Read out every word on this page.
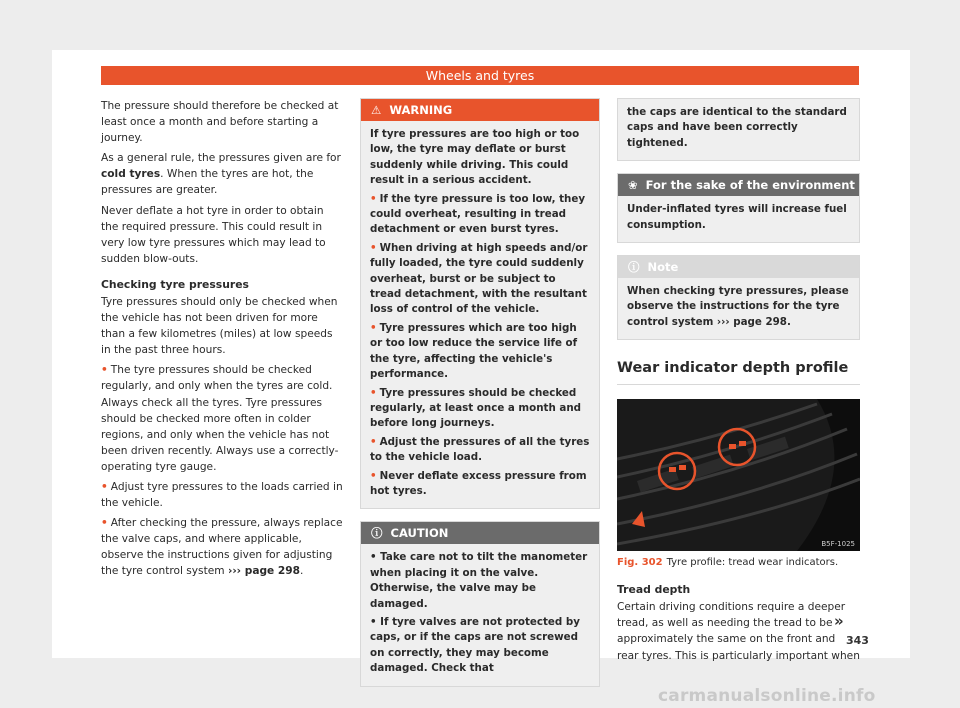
Wheels and tyres

The pressure should therefore be checked at least once a month and before starting a journey.

As a general rule, the pressures given are for cold tyres. When the tyres are hot, the pressures are greater.

Never deflate a hot tyre in order to obtain the required pressure. This could result in very low tyre pressures which may lead to sudden blow-outs.

Checking tyre pressures

Tyre pressures should only be checked when the vehicle has not been driven for more than a few kilometres (miles) at low speeds in the past three hours.

• The tyre pressures should be checked regularly, and only when the tyres are cold. Always check all the tyres. Tyre pressures should be checked more often in colder regions, and only when the vehicle has not been driven recently. Always use a correctly-operating tyre gauge.

• Adjust tyre pressures to the loads carried in the vehicle.

• After checking the pressure, always replace the valve caps, and where applicable, observe the instructions given for adjusting the tyre control system ››› page 298.

⚠ WARNING

If tyre pressures are too high or too low, the tyre may deflate or burst suddenly while driving. This could result in a serious accident.

• If the tyre pressure is too low, they could overheat, resulting in tread detachment or even burst tyres.

• When driving at high speeds and/or fully loaded, the tyre could suddenly overheat, burst or be subject to tread detachment, with the resultant loss of control of the vehicle.

• Tyre pressures which are too high or too low reduce the service life of the tyre, affecting the vehicle's performance.

• Tyre pressures should be checked regularly, at least once a month and before long journeys.

• Adjust the pressures of all the tyres to the vehicle load.

• Never deflate excess pressure from hot tyres.

ⓘ CAUTION

• Take care not to tilt the manometer when placing it on the valve. Otherwise, the valve may be damaged.

• If tyre valves are not protected by caps, or if the caps are not screwed on correctly, they may become damaged. Check that

the caps are identical to the standard caps and have been correctly tightened.

❀ For the sake of the environment

Under-inflated tyres will increase fuel consumption.

ⓘ Note

When checking tyre pressures, please observe the instructions for the tyre control system ››› page 298.

Wear indicator depth profile
B5F-1025
Fig. 302 Tyre profile: tread wear indicators.
Tread depth

Certain driving conditions require a deeper tread, as well as needing the tread to be approximately the same on the front and rear tyres. This is particularly important when

»
343
carmanualsonline.info
